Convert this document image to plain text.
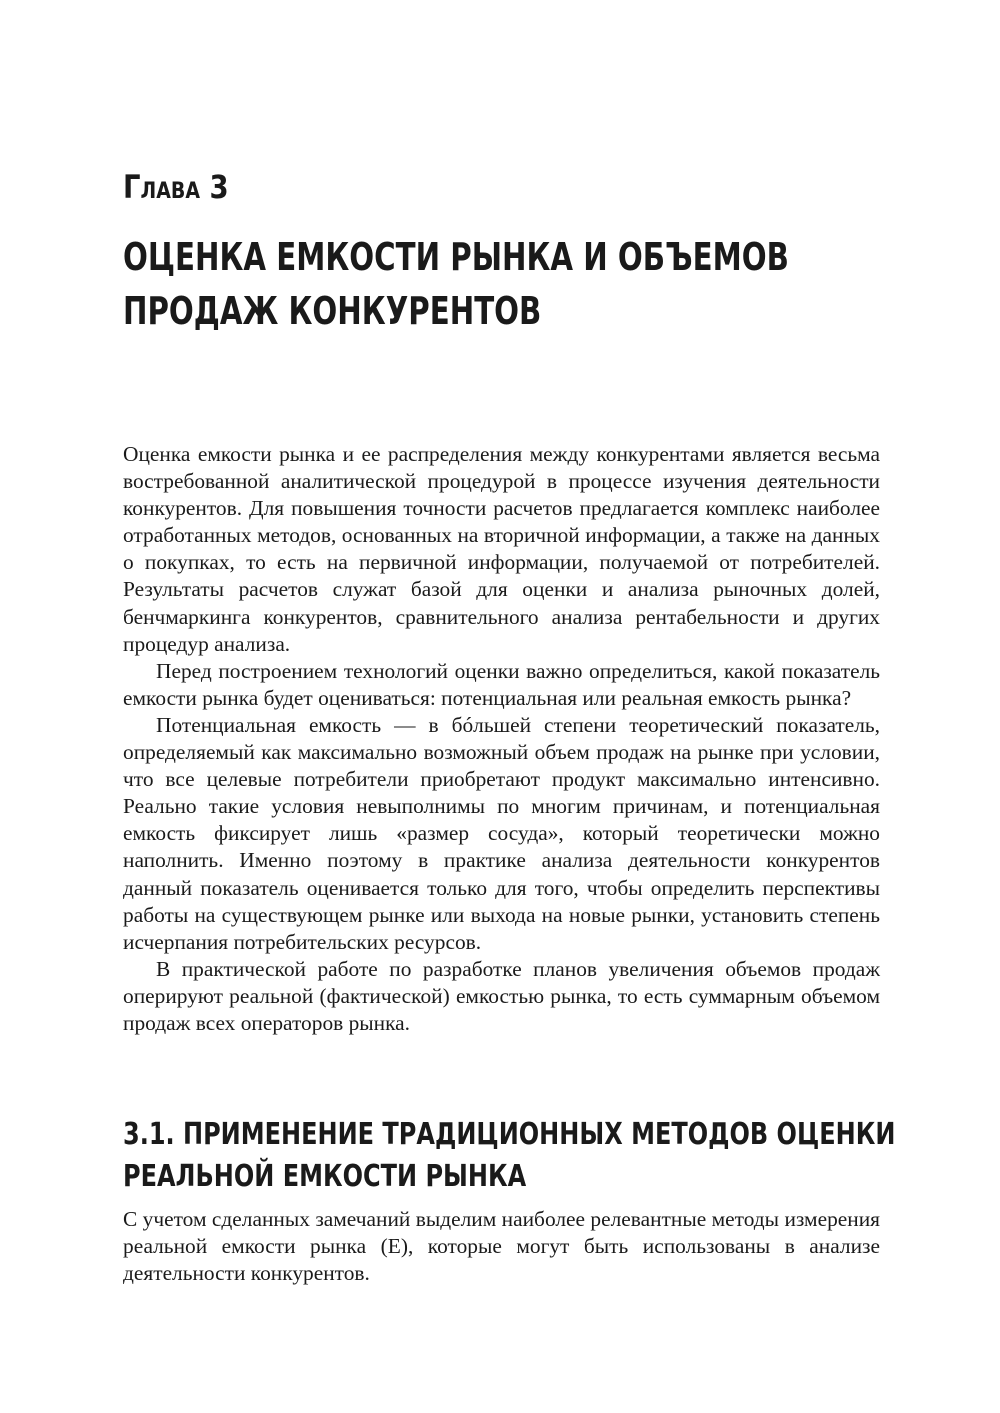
Глава 3
ОЦЕНКА ЕМКОСТИ РЫНКА И ОБЪЕМОВ
ПРОДАЖ КОНКУРЕНТОВ

Оценка емкости рынка и ее распределения между конкурентами является весьма востребованной аналитической процедурой в процессе изучения деятельности конкурентов. Для повышения точности расчетов предлагается комплекс наиболее отработанных методов, основанных на вторичной информации, а также на данных о покупках, то есть на первичной информации, получаемой от потребителей. Результаты расчетов служат базой для оценки и анализа рыночных долей, бенчмаркинга конкурентов, сравнительного анализа рентабельности и других процедур анализа.

Перед построением технологий оценки важно определиться, какой показатель емкости рынка будет оцениваться: потенциальная или реальная емкость рынка?

Потенциальная емкость — в бóльшей степени теоретический показатель, определяемый как максимально возможный объем продаж на рынке при условии, что все целевые потребители приобретают продукт максимально интенсивно. Реально такие условия невыполнимы по многим причинам, и потенциальная емкость фиксирует лишь «размер сосуда», который теоретически можно наполнить. Именно поэтому в практике анализа деятельности конкурентов данный показатель оценивается только для того, чтобы определить перспективы работы на существующем рынке или выхода на новые рынки, установить степень исчерпания потребительских ресурсов.

В практической работе по разработке планов увеличения объемов продаж оперируют реальной (фактической) емкостью рынка, то есть суммарным объемом продаж всех операторов рынка.

3.1. ПРИМЕНЕНИЕ ТРАДИЦИОННЫХ МЕТОДОВ ОЦЕНКИ
РЕАЛЬНОЙ ЕМКОСТИ РЫНКА

С учетом сделанных замечаний выделим наиболее релевантные методы измерения реальной емкости рынка (E), которые могут быть использованы в анализе деятельности конкурентов.
